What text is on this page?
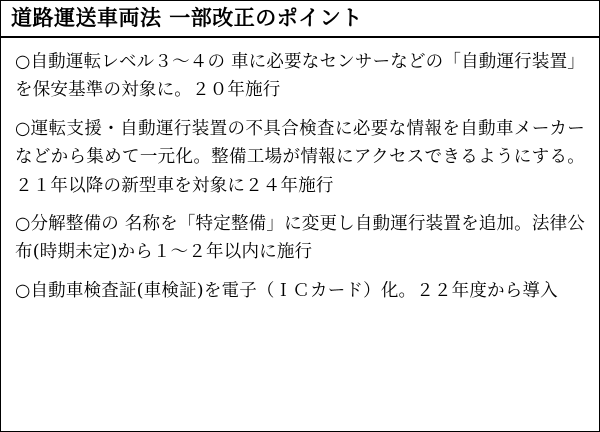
道路運送車両法 一部改正のポイント

○自動運転レベル３〜４の 車に必要なセンサーなどの「自動運行装置」を保安基準の対象に。２０年施行

○運転支援・自動運行装置の不具合検査に必要な情報を自動車メーカーなどから集めて一元化。整備工場が情報にアクセスできるようにする。２１年以降の新型車を対象に２４年施行

○分解整備の 名称を「特定整備」に変更し自動運行装置を追加。法律公布(時期未定)から１〜２年以内に施行

○自動車検査証(車検証)を電子（ＩＣカード）化。２２年度から導入
